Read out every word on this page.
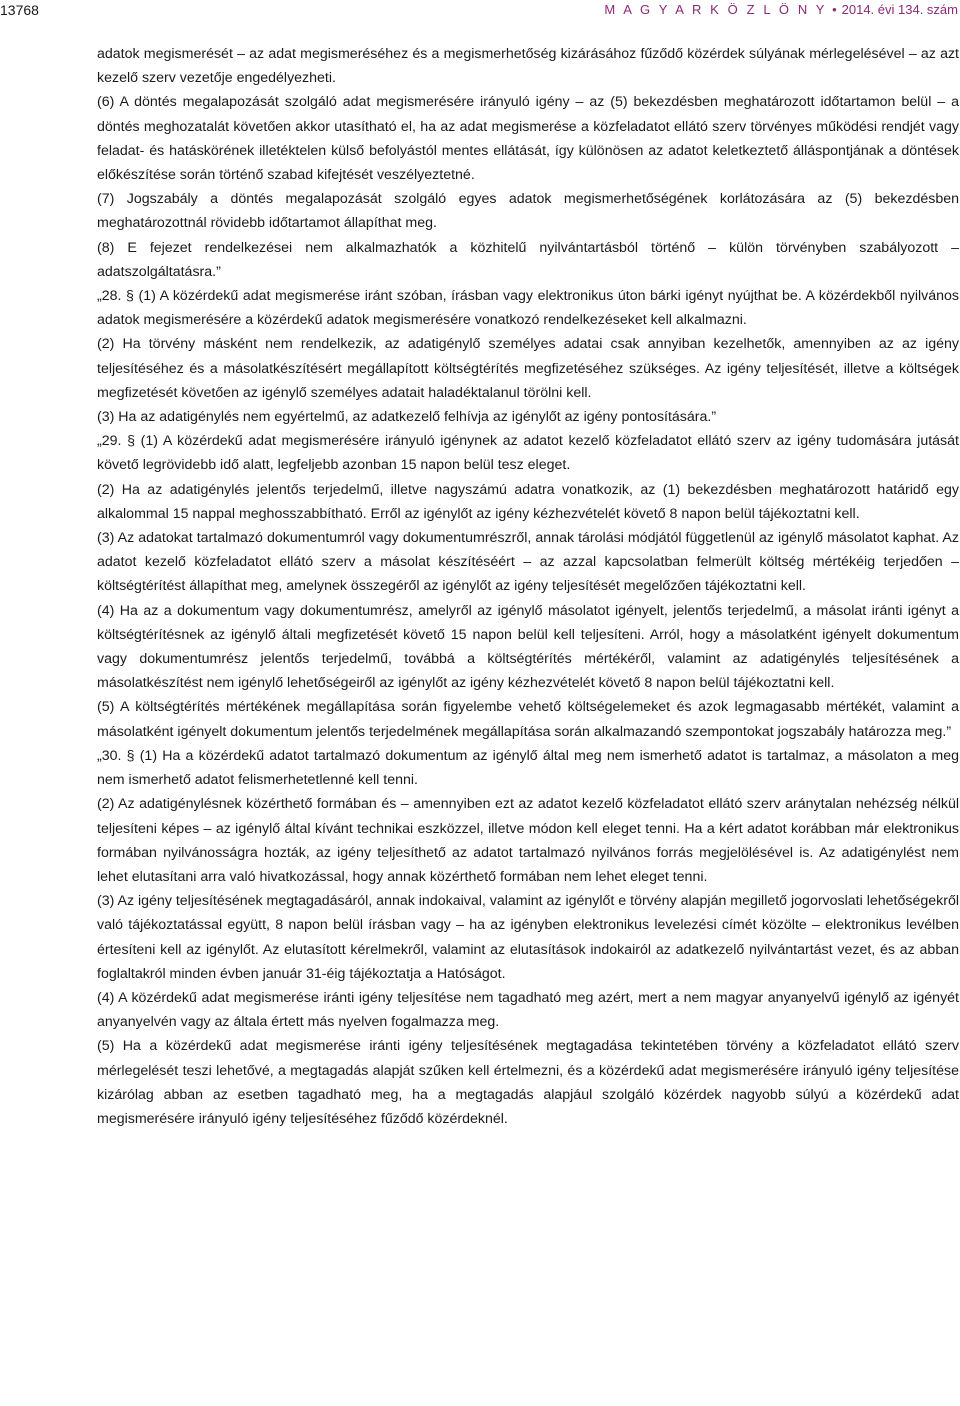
13768	M A G Y A R K Ö Z L Ö N Y • 2014. évi 134. szám

adatok megismerését – az adat megismeréséhez és a megismerhetőség kizárásához fűződő közérdek súlyának mérlegelésével – az azt kezelő szerv vezetője engedélyezheti.

(6) A döntés megalapozását szolgáló adat megismerésére irányuló igény – az (5) bekezdésben meghatározott időtartamon belül – a döntés meghozatalát követően akkor utasítható el, ha az adat megismerése a közfeladatot ellátó szerv törvényes működési rendjét vagy feladat- és hatáskörének illetéktelen külső befolyástól mentes ellátását, így különösen az adatot keletkeztető álláspontjának a döntések előkészítése során történő szabad kifejtését veszélyeztetné.

(7) Jogszabály a döntés megalapozását szolgáló egyes adatok megismerhetőségének korlátozására az (5) bekezdésben meghatározottnál rövidebb időtartamot állapíthat meg.

(8) E fejezet rendelkezései nem alkalmazhatók a közhitelű nyilvántartásból történő – külön törvényben szabályozott – adatszolgáltatásra.”

„28. § (1) A közérdekű adat megismerése iránt szóban, írásban vagy elektronikus úton bárki igényt nyújthat be. A közérdekből nyilvános adatok megismerésére a közérdekű adatok megismerésére vonatkozó rendelkezéseket kell alkalmazni.

(2) Ha törvény másként nem rendelkezik, az adatigénylő személyes adatai csak annyiban kezelhetők, amennyiben az az igény teljesítéséhez és a másolatkészítésért megállapított költségtérítés megfizetéséhez szükséges. Az igény teljesítését, illetve a költségek megfizetését követően az igénylő személyes adatait haladéktalanul törölni kell.

(3) Ha az adatigénylés nem egyértelmű, az adatkezelő felhívja az igénylőt az igény pontosítására.”

„29. § (1) A közérdekű adat megismerésére irányuló igénynek az adatot kezelő közfeladatot ellátó szerv az igény tudomására jutását követő legrövidebb idő alatt, legfeljebb azonban 15 napon belül tesz eleget.

(2) Ha az adatigénylés jelentős terjedelmű, illetve nagyszámú adatra vonatkozik, az (1) bekezdésben meghatározott határidő egy alkalommal 15 nappal meghosszabbítható. Erről az igénylőt az igény kézhezvételét követő 8 napon belül tájékoztatni kell.

(3) Az adatokat tartalmazó dokumentumról vagy dokumentumrészről, annak tárolási módjától függetlenül az igénylő másolatot kaphat. Az adatot kezelő közfeladatot ellátó szerv a másolat készítéséért – az azzal kapcsolatban felmerült költség mértékéig terjedően – költségtérítést állapíthat meg, amelynek összegéről az igénylőt az igény teljesítését megelőzően tájékoztatni kell.

(4) Ha az a dokumentum vagy dokumentumrész, amelyről az igénylő másolatot igényelt, jelentős terjedelmű, a másolat iránti igényt a költségtérítésnek az igénylő általi megfizetését követő 15 napon belül kell teljesíteni. Arról, hogy a másolatként igényelt dokumentum vagy dokumentumrész jelentős terjedelmű, továbbá a költségtérítés mértékéről, valamint az adatigénylés teljesítésének a másolatkészítést nem igénylő lehetőségeiről az igénylőt az igény kézhezvételét követő 8 napon belül tájékoztatni kell.

(5) A költségtérítés mértékének megállapítása során figyelembe vehető költségelemeket és azok legmagasabb mértékét, valamint a másolatként igényelt dokumentum jelentős terjedelmének megállapítása során alkalmazandó szempontokat jogszabály határozza meg.”

„30. § (1) Ha a közérdekű adatot tartalmazó dokumentum az igénylő által meg nem ismerhető adatot is tartalmaz, a másolaton a meg nem ismerhető adatot felismerhetetlenné kell tenni.

(2) Az adatigénylésnek közérthető formában és – amennyiben ezt az adatot kezelő közfeladatot ellátó szerv aránytalan nehézség nélkül teljesíteni képes – az igénylő által kívánt technikai eszközzel, illetve módon kell eleget tenni. Ha a kért adatot korábban már elektronikus formában nyilvánosságra hozták, az igény teljesíthető az adatot tartalmazó nyilvános forrás megjelölésével is. Az adatigénylést nem lehet elutasítani arra való hivatkozással, hogy annak közérthető formában nem lehet eleget tenni.

(3) Az igény teljesítésének megtagadásáról, annak indokaival, valamint az igénylőt e törvény alapján megillető jogorvoslati lehetőségekről való tájékoztatással együtt, 8 napon belül írásban vagy – ha az igényben elektronikus levelezési címét közölte – elektronikus levélben értesíteni kell az igénylőt. Az elutasított kérelmekről, valamint az elutasítások indokairól az adatkezelő nyilvántartást vezet, és az abban foglaltakról minden évben január 31-éig tájékoztatja a Hatóságot.

(4) A közérdekű adat megismerése iránti igény teljesítése nem tagadható meg azért, mert a nem magyar anyanyelvű igénylő az igényét anyanyelvén vagy az általa értett más nyelven fogalmazza meg.

(5) Ha a közérdekű adat megismerése iránti igény teljesítésének megtagadása tekintetében törvény a közfeladatot ellátó szerv mérlegelését teszi lehetővé, a megtagadás alapját szűken kell értelmezni, és a közérdekű adat megismerésére irányuló igény teljesítése kizárólag abban az esetben tagadható meg, ha a megtagadás alapjául szolgáló közérdek nagyobb súlyú a közérdekű adat megismerésére irányuló igény teljesítéséhez fűződő közérdeknél.
